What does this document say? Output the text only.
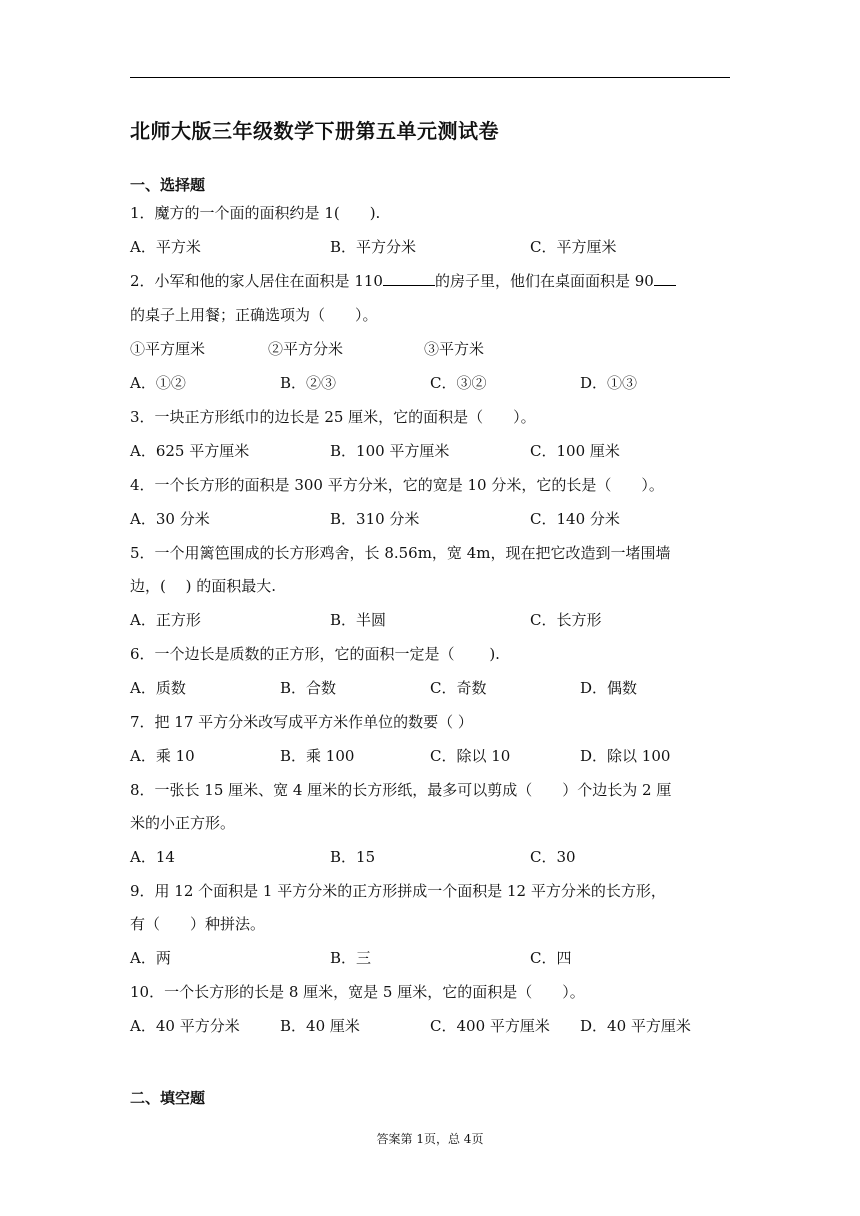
北师大版三年级数学下册第五单元测试卷
一、选择题
1．魔方的一个面的面积约是 1(　　).
A．平方米	B．平方分米	C．平方厘米
2．小军和他的家人居住在面积是 110	的房子里，他们在桌面面积是 90
的桌子上用餐；正确选项为（　　）。
①平方厘米	②平方分米	③平方米
A．①②	B．②③	C．③②	D．①③
3．一块正方形纸巾的边长是 25 厘米，它的面积是（　　）。
A．625 平方厘米	B．100 平方厘米	C．100 厘米
4．一个长方形的面积是 300 平方分米，它的宽是 10 分米，它的长是（　　）。
A．30 分米	B．310 分米	C．140 分米
5．一个用篱笆围成的长方形鸡舍，长 8.56m，宽 4m，现在把它改造到一堵围墙
边，(　 ) 的面积最大.
A．正方形	B．半圆	C．长方形
6．一个边长是质数的正方形，它的面积一定是（　　 ).
A．质数	B．合数	C．奇数	D．偶数
7．把 17 平方分米改写成平方米作单位的数要（ ）
A．乘 10	B．乘 100	C．除以 10	D．除以 100
8．一张长 15 厘米、宽 4 厘米的长方形纸，最多可以剪成（　　）个边长为 2 厘
米的小正方形。
A．14	B．15	C．30
9．用 12 个面积是 1 平方分米的正方形拼成一个面积是 12 平方分米的长方形，
有（　　）种拼法。
A．两	B．三	C．四
10．一个长方形的长是 8 厘米，宽是 5 厘米，它的面积是（　　）。
A．40 平方分米	B．40 厘米	C．400 平方厘米 D．40 平方厘米
二、填空题
答案第 1页，总 4页
